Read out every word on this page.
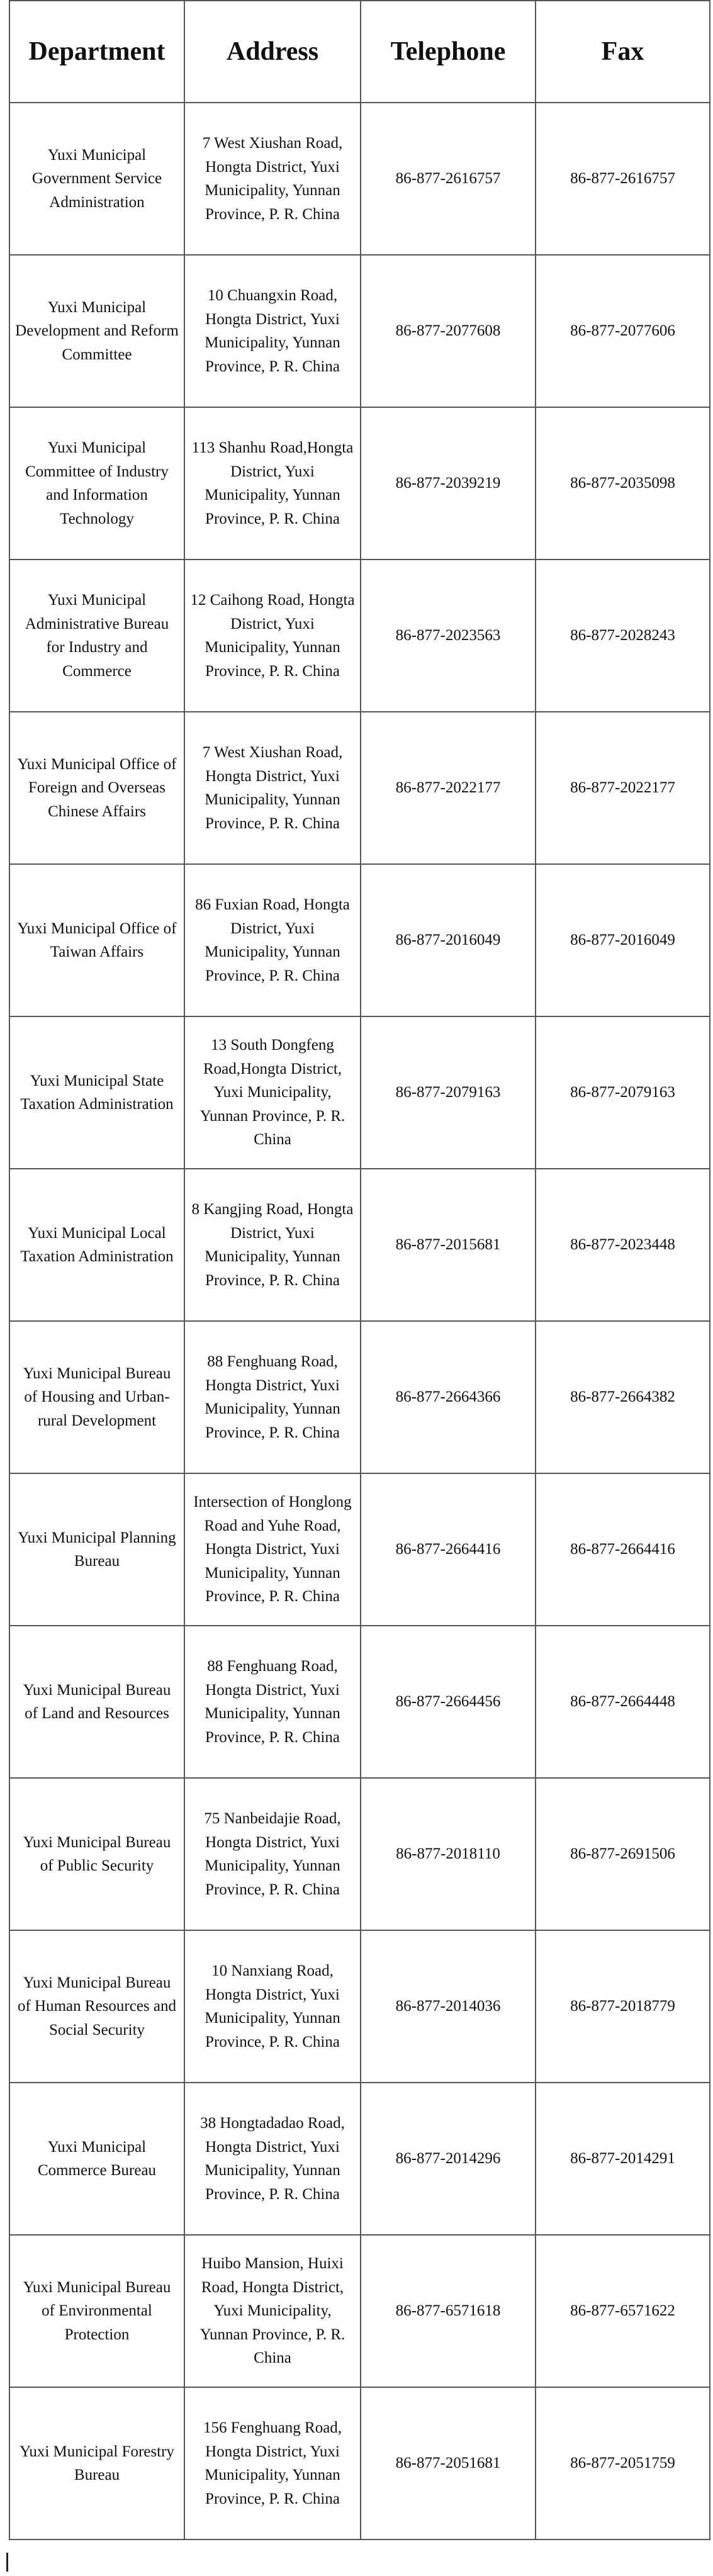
Department	Address	Telephone	Fax
Yuxi Municipal Government Service Administration	7 West Xiushan Road, Hongta District, Yuxi Municipality, Yunnan Province, P. R. China	86-877-2616757	86-877-2616757
Yuxi Municipal Development and Reform Committee	10 Chuangxin Road, Hongta District, Yuxi Municipality, Yunnan Province, P. R. China	86-877-2077608	86-877-2077606
Yuxi Municipal Committee of Industry and Information Technology	113 Shanhu Road,Hongta District, Yuxi Municipality, Yunnan Province, P. R. China	86-877-2039219	86-877-2035098
Yuxi Municipal Administrative Bureau for Industry and Commerce	12 Caihong Road, Hongta District, Yuxi Municipality, Yunnan Province, P. R. China	86-877-2023563	86-877-2028243
Yuxi Municipal Office of Foreign and Overseas Chinese Affairs	7 West Xiushan Road, Hongta District, Yuxi Municipality, Yunnan Province, P. R. China	86-877-2022177	86-877-2022177
Yuxi Municipal Office of Taiwan Affairs	86 Fuxian Road, Hongta District, Yuxi Municipality, Yunnan Province, P. R. China	86-877-2016049	86-877-2016049
Yuxi Municipal State Taxation Administration	13 South Dongfeng Road,Hongta District, Yuxi Municipality, Yunnan Province, P. R. China	86-877-2079163	86-877-2079163
Yuxi Municipal Local Taxation Administration	8 Kangjing Road, Hongta District, Yuxi Municipality, Yunnan Province, P. R. China	86-877-2015681	86-877-2023448
Yuxi Municipal Bureau of Housing and Urban-rural Development	88 Fenghuang Road, Hongta District, Yuxi Municipality, Yunnan Province, P. R. China	86-877-2664366	86-877-2664382
Yuxi Municipal Planning Bureau	Intersection of Honglong Road and Yuhe Road, Hongta District, Yuxi Municipality, Yunnan Province, P. R. China	86-877-2664416	86-877-2664416
Yuxi Municipal Bureau of Land and Resources	88 Fenghuang Road, Hongta District, Yuxi Municipality, Yunnan Province, P. R. China	86-877-2664456	86-877-2664448
Yuxi Municipal Bureau of Public Security	75 Nanbeidajie Road, Hongta District, Yuxi Municipality, Yunnan Province, P. R. China	86-877-2018110	86-877-2691506
Yuxi Municipal Bureau of Human Resources and Social Security	10 Nanxiang Road, Hongta District, Yuxi Municipality, Yunnan Province, P. R. China	86-877-2014036	86-877-2018779
Yuxi Municipal Commerce Bureau	38 Hongtadadao Road, Hongta District, Yuxi Municipality, Yunnan Province, P. R. China	86-877-2014296	86-877-2014291
Yuxi Municipal Bureau of Environmental Protection	Huibo Mansion, Huixi Road, Hongta District, Yuxi Municipality, Yunnan Province, P. R. China	86-877-6571618	86-877-6571622
Yuxi Municipal Forestry Bureau	156 Fenghuang Road, Hongta District, Yuxi Municipality, Yunnan Province, P. R. China	86-877-2051681	86-877-2051759
